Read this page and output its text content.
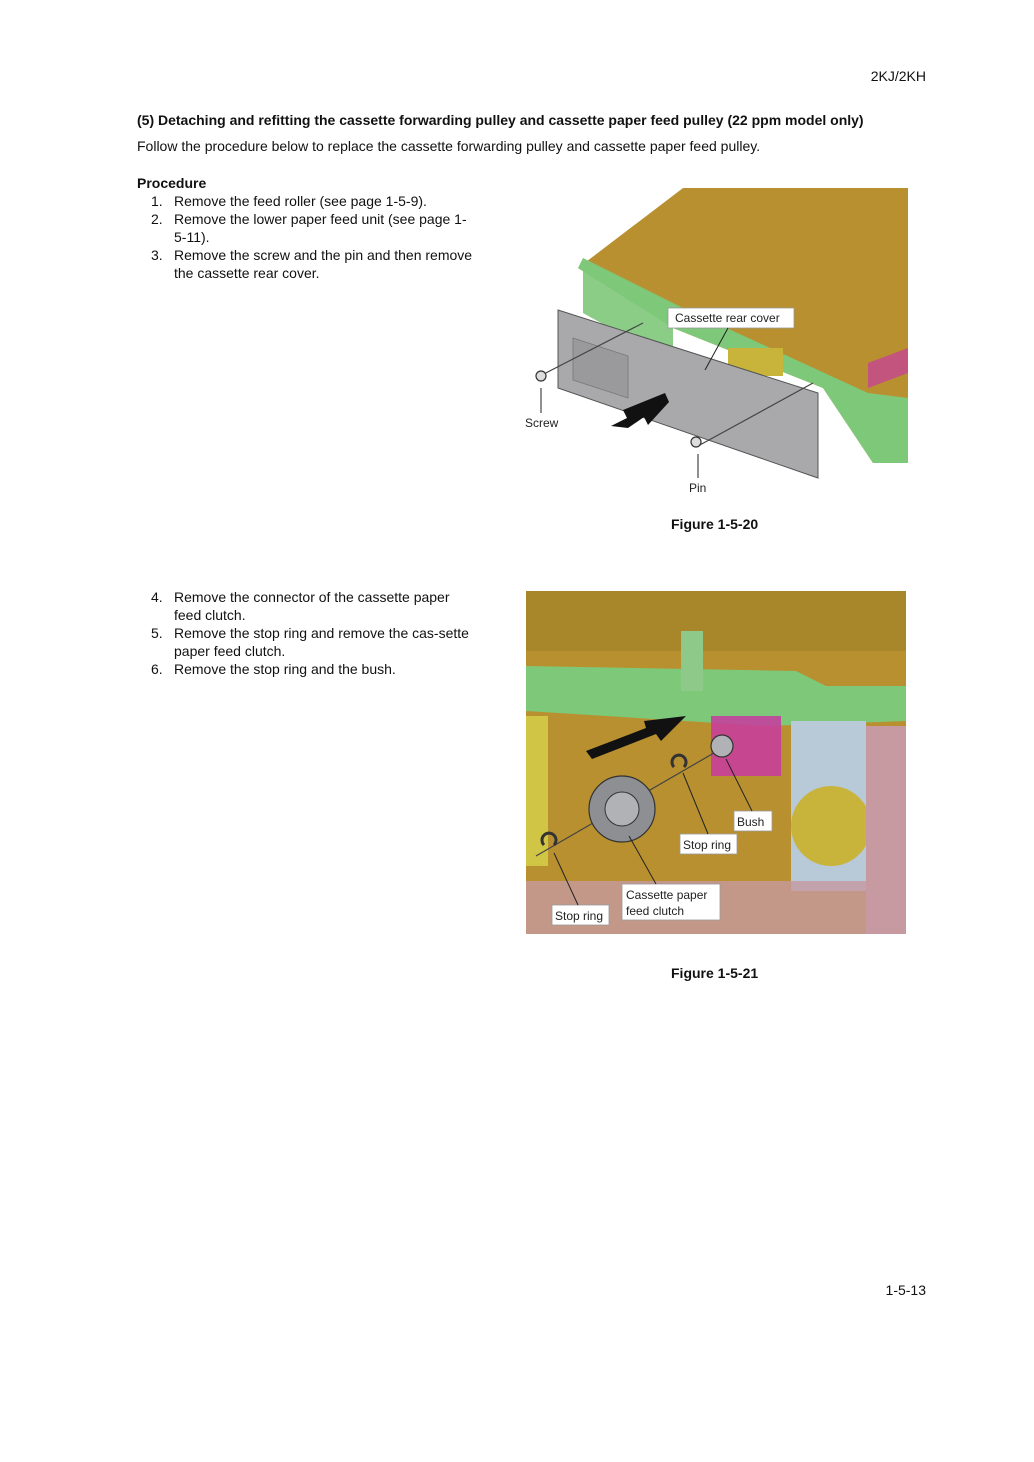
2KJ/2KH
(5) Detaching and refitting the cassette forwarding pulley and cassette paper feed pulley (22 ppm model only)
Follow the procedure below to replace the cassette forwarding pulley and cassette paper feed pulley.
Procedure
1. Remove the feed roller (see page 1-5-9).
2. Remove the lower paper feed unit (see page 1-5-11).
3. Remove the screw and the pin and then remove the cassette rear cover.
Cassette rear cover
Screw
Pin
Figure 1-5-20
4. Remove the connector of the cassette paper feed clutch.
5. Remove the stop ring and remove the cas-sette paper feed clutch.
6. Remove the stop ring and the bush.
Bush
Stop ring
Cassette paper
feed clutch
Stop ring
Figure 1-5-21
1-5-13
